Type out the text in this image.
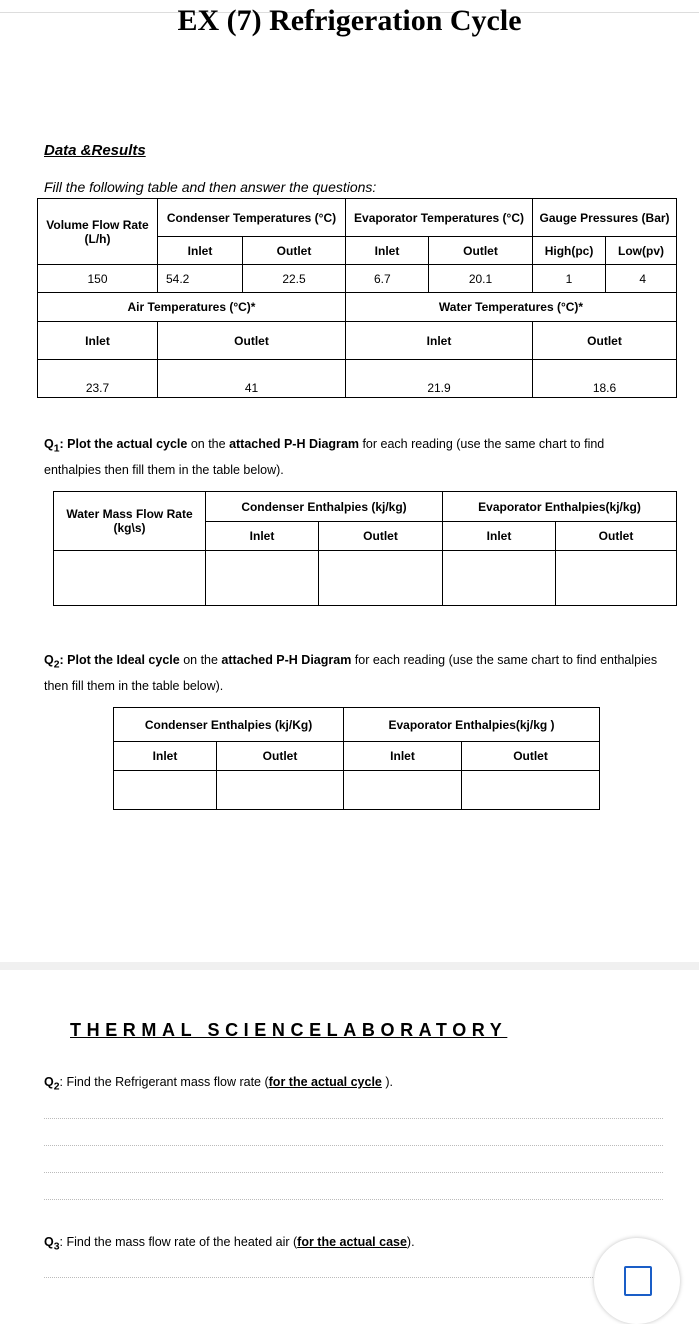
EX (7) Refrigeration Cycle
Data &Results
Fill the following table and then answer the questions:
Volume Flow Rate (L/h)	Condenser Temperatures (°C)		Evaporator Temperatures (°C)		Gauge Pressures (Bar)	
	Inlet	Outlet	Inlet	Outlet	High(pc)	Low(pv)
150	54.2	22.5	6.7	20.1	1	4
Air Temperatures (°C)*			Water Temperatures (°C)*			
Inlet	Outlet		Inlet		Outlet	
23.7	41		21.9		18.6	
$Q_1$: Plot the actual cycle on the attached P-H Diagram for each reading (use the same chart to find enthalpies then fill them in the table below).
Water Mass Flow Rate (kg\s)	Condenser Enthalpies (kj/kg)		Evaporator Enthalpies(kj/kg)	
	Inlet	Outlet	Inlet	Outlet

$Q_2$: Plot the Ideal cycle on the attached P-H Diagram for each reading (use the same chart to find enthalpies then fill them in the table below).
Condenser Enthalpies (kj/Kg)		Evaporator Enthalpies(kj/kg )	
Inlet	Outlet	Inlet	Outlet

THERMAL SCIENCELABORATORY
$Q_2$: Find the Refrigerant mass flow rate (for the actual cycle ).
$Q_3$: Find the mass flow rate of the heated air (for the actual case).
